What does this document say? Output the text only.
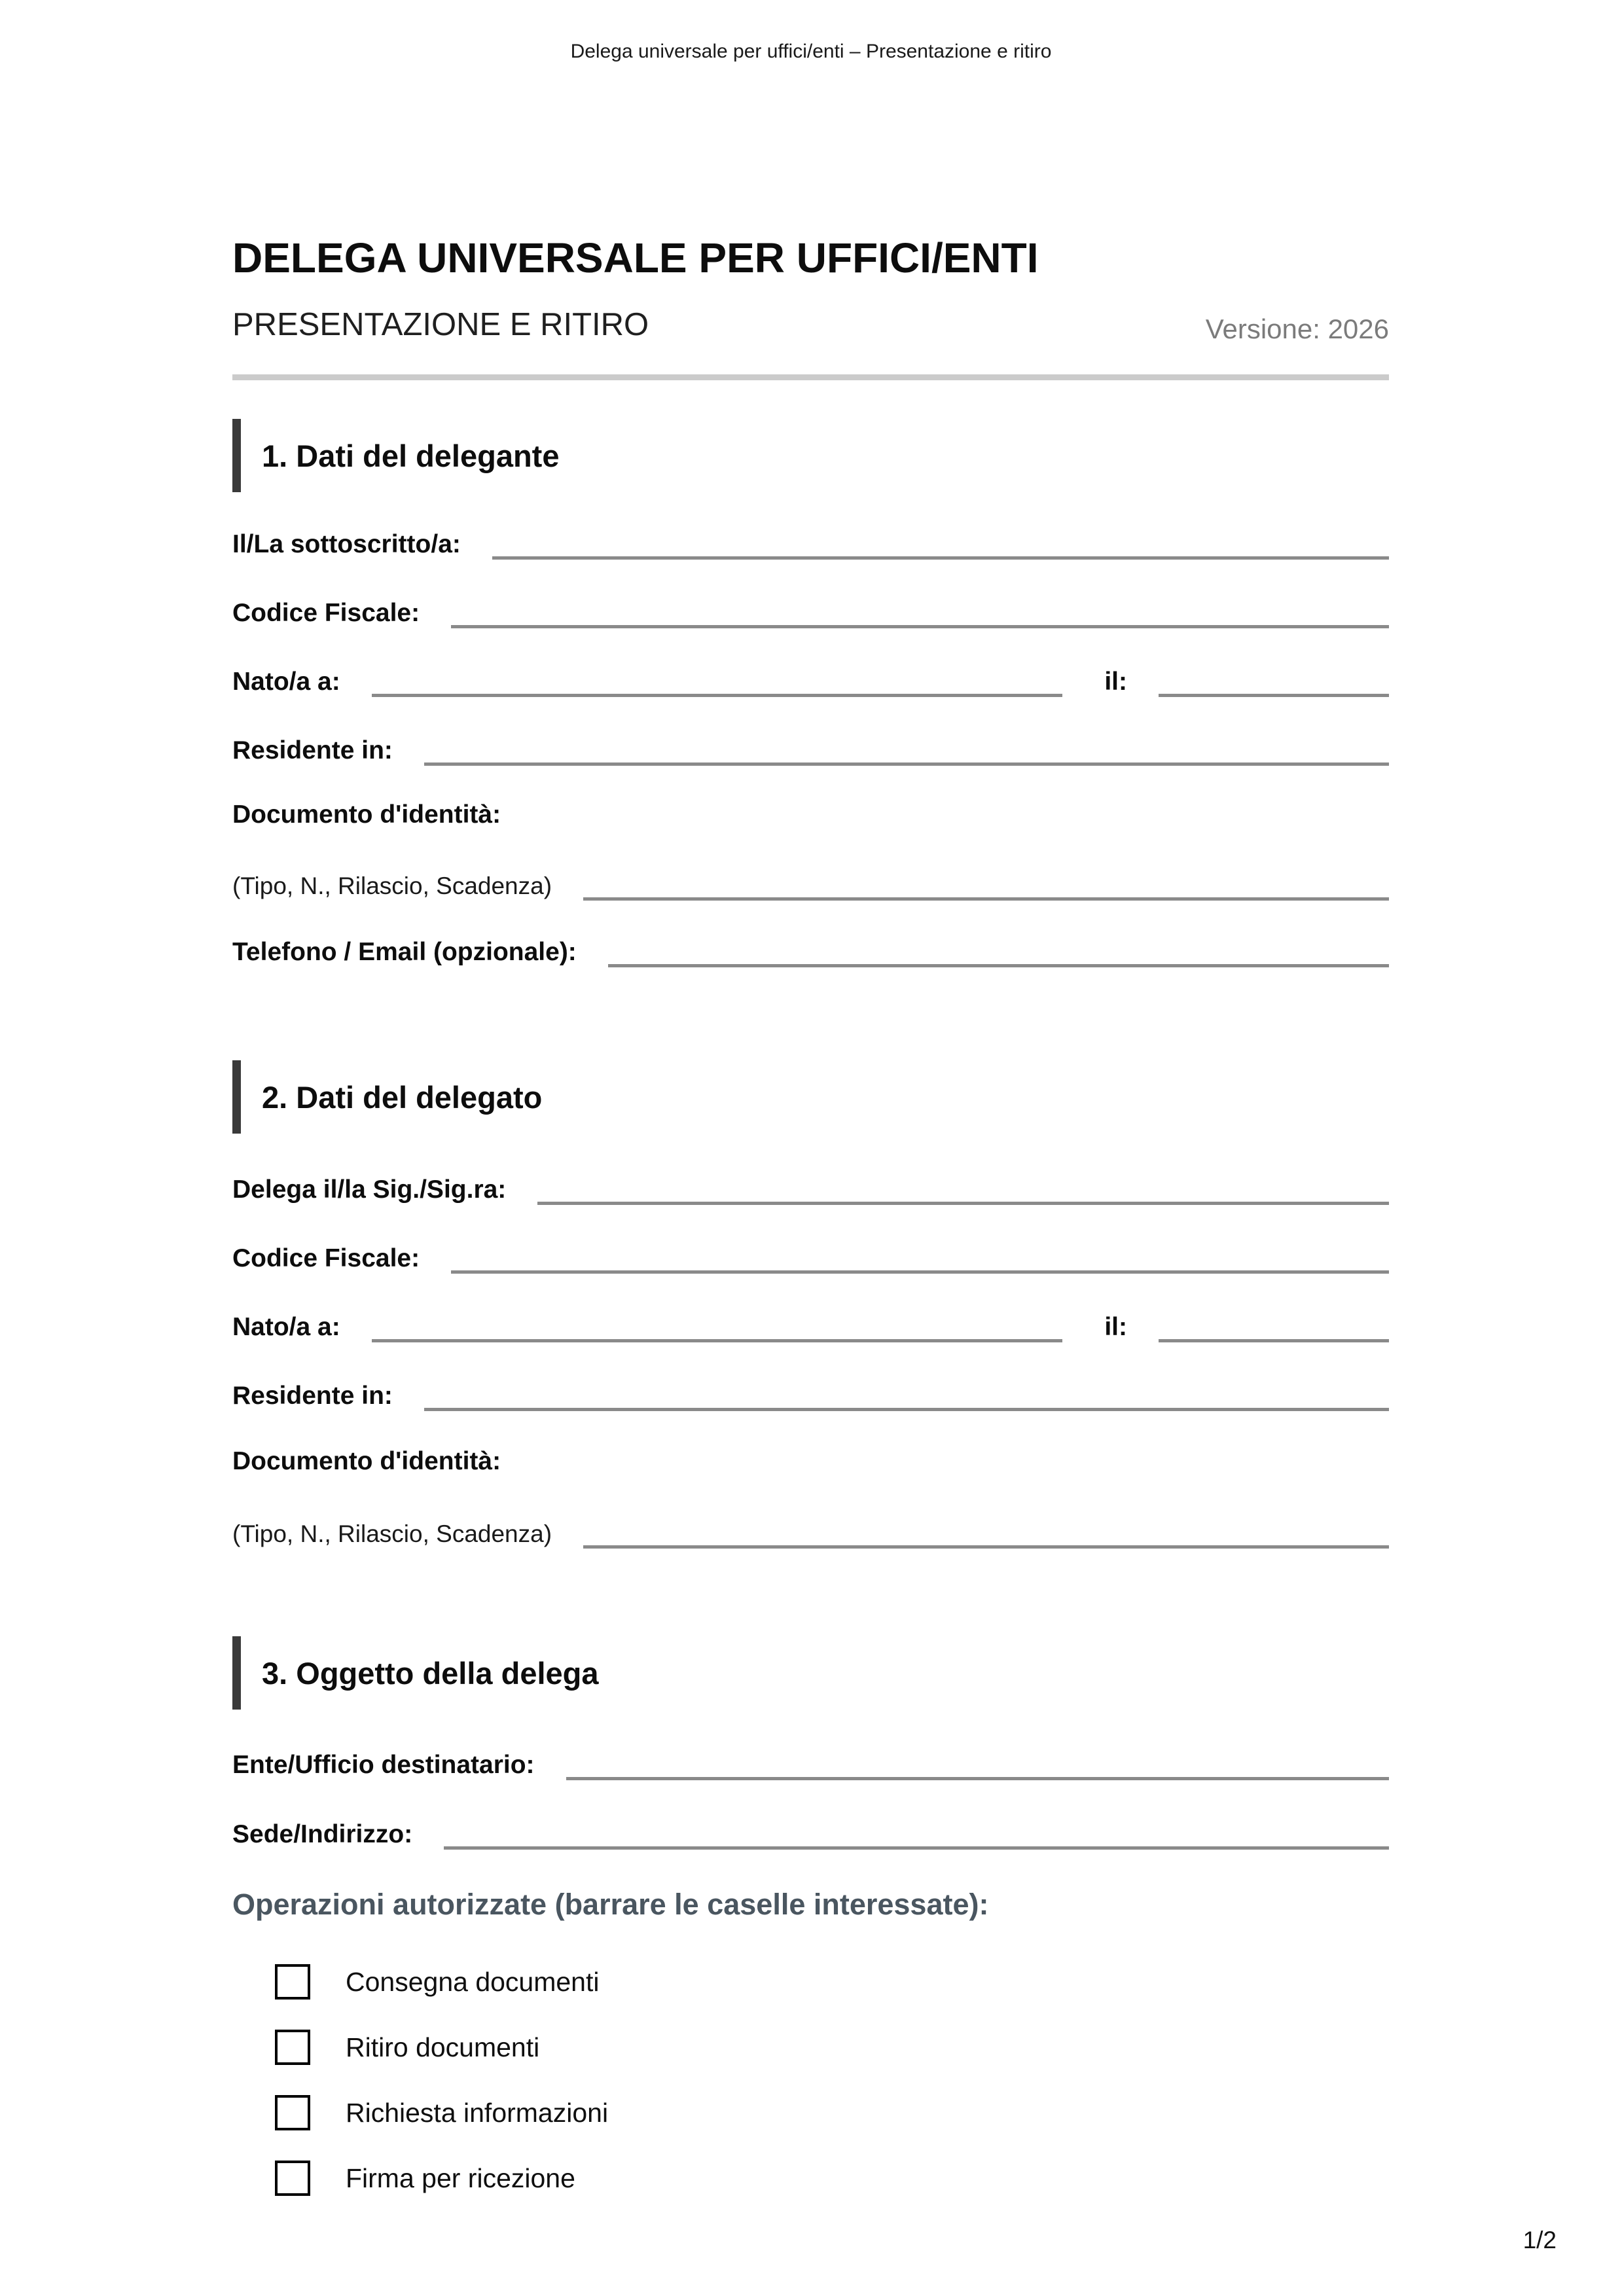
Delega universale per uffici/enti – Presentazione e ritiro
DELEGA UNIVERSALE PER UFFICI/ENTI
PRESENTAZIONE E RITIRO	Versione: 2026
1. Dati del delegante
Il/La sottoscritto/a:
Codice Fiscale:
Nato/a a:	il:
Residente in:
Documento d'identità:
(Tipo, N., Rilascio, Scadenza)
Telefono / Email (opzionale):
2. Dati del delegato
Delega il/la Sig./Sig.ra:
Codice Fiscale:
Nato/a a:	il:
Residente in:
Documento d'identità:
(Tipo, N., Rilascio, Scadenza)
3. Oggetto della delega
Ente/Ufficio destinatario:
Sede/Indirizzo:
Operazioni autorizzate (barrare le caselle interessate):
Consegna documenti
Ritiro documenti
Richiesta informazioni
Firma per ricezione
1/2
